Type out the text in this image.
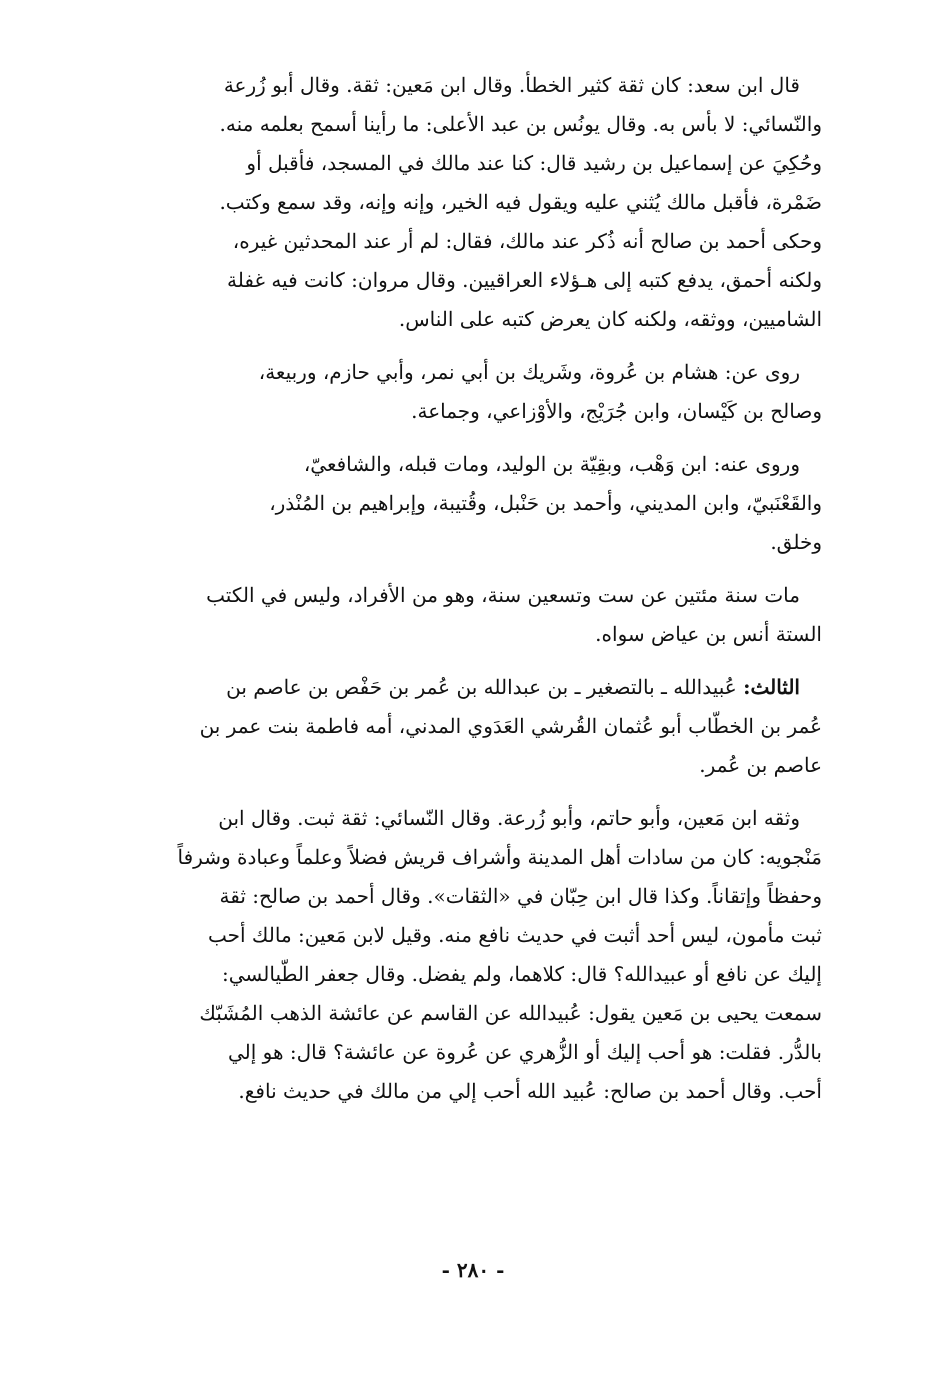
قال ابن سعد: كان ثقة كثير الخطأ. وقال ابن مَعين: ثقة. وقال أبو زُرعة
والنّسائي: لا بأس به. وقال يونُس بن عبد الأعلى: ما رأينا أسمح بعلمه منه.
وحُكِيَ عن إسماعيل بن رشيد قال: كنا عند مالك في المسجد، فأقبل أو
ضَمْرة، فأقبل مالك يُثني عليه ويقول فيه الخير، وإنه وإنه، وقد سمع وكتب.
وحكى أحمد بن صالح أنه ذُكر عند مالك، فقال: لم أر عند المحدثين غيره،
ولكنه أحمق، يدفع كتبه إلى هـؤلاء العراقيين. وقال مروان: كانت فيه غفلة
الشاميين، ووثقه، ولكنه كان يعرض كتبه على الناس.

روى عن: هشام بن عُروة، وشَريك بن أبي نمر، وأبي حازم، وربيعة،
وصالح بن كَيْسان، وابن جُرَيْج، والأوْزاعي، وجماعة.

وروى عنه: ابن وَهْب، وبقِيّة بن الوليد، ومات قبله، والشافعيّ،
والقَعْنَبيّ، وابن المديني، وأحمد بن حَنْبل، وقُتيبة، وإبراهيم بن المُنْذر،
وخلق.

مات سنة مئتين عن ست وتسعين سنة، وهو من الأفراد، وليس في الكتب
الستة أنس بن عياض سواه.

الثالث: عُبيدالله ـ بالتصغير ـ بن عبدالله بن عُمر بن حَفْص بن عاصم بن
عُمر بن الخطّاب أبو عُثمان القُرشي العَدَوي المدني، أمه فاطمة بنت عمر بن
عاصم بن عُمر.

وثقه ابن مَعين، وأبو حاتم، وأبو زُرعة. وقال النّسائي: ثقة ثبت. وقال ابن
مَنْجويه: كان من سادات أهل المدينة وأشراف قريش فضلاً وعلماً وعبادة وشرفاً
وحفظاً وإتقاناً. وكذا قال ابن حِبّان في «الثقات». وقال أحمد بن صالح: ثقة
ثبت مأمون، ليس أحد أثبت في حديث نافع منه. وقيل لابن مَعين: مالك أحب
إليك عن نافع أو عبيدالله؟ قال: كلاهما، ولم يفضل. وقال جعفر الطّيالسي:
سمعت يحيى بن مَعين يقول: عُبيدالله عن القاسم عن عائشة الذهب المُشَبّك
بالدُّر. فقلت: هو أحب إليك أو الزُّهري عن عُروة عن عائشة؟ قال: هو إلي
أحب. وقال أحمد بن صالح: عُبيد الله أحب إلي من مالك في حديث نافع.

- ٢٨٠ -
